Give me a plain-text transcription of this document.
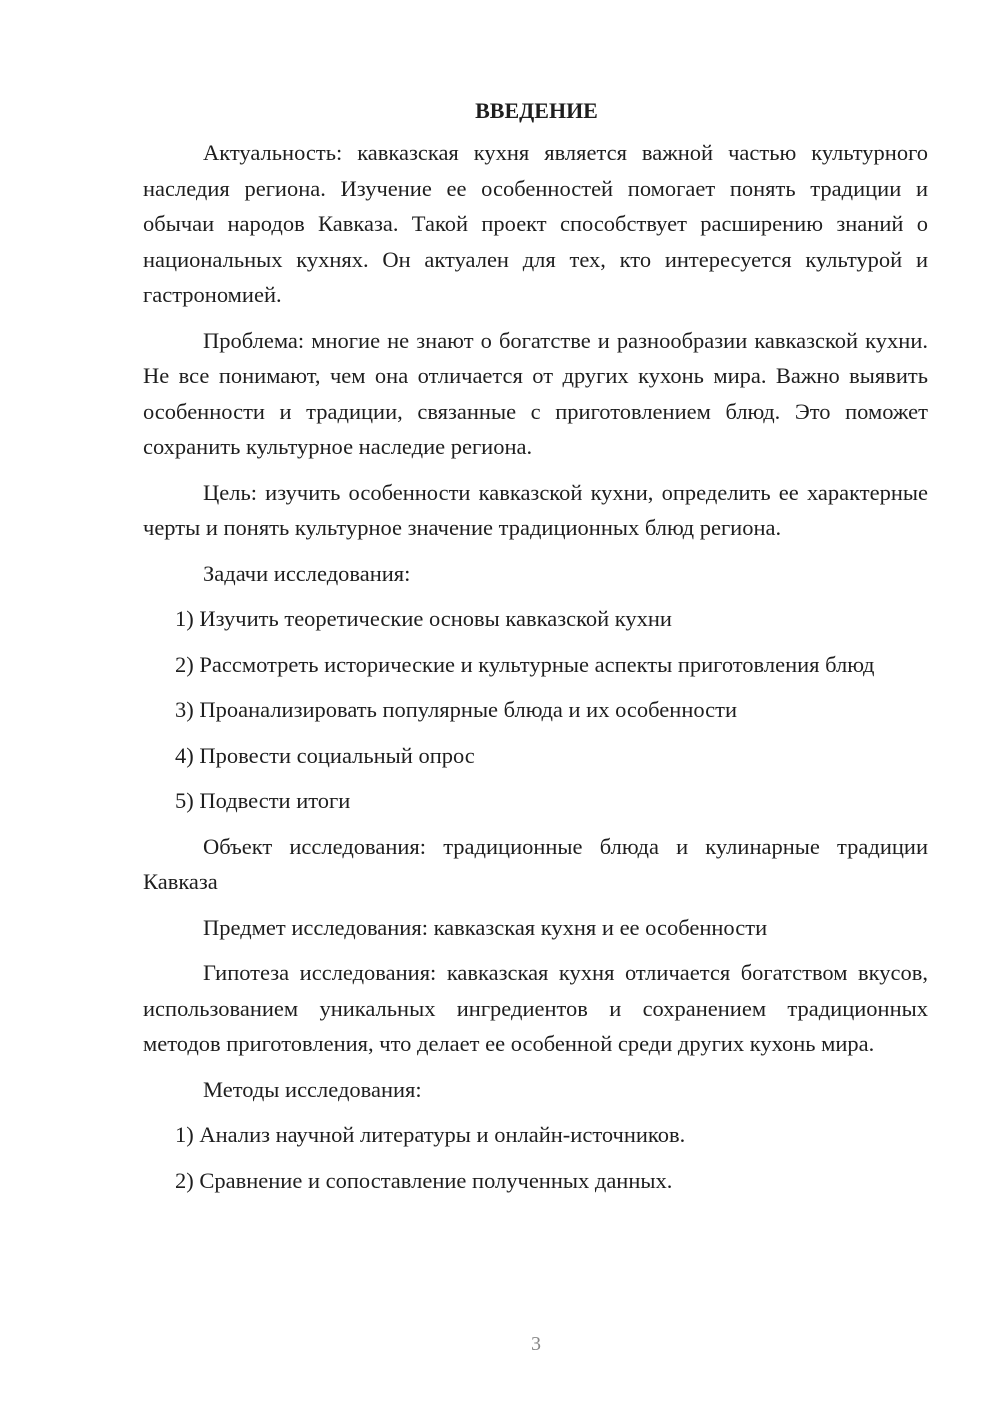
ВВЕДЕНИЕ

Актуальность: кавказская кухня является важной частью культурного наследия региона. Изучение ее особенностей помогает понять традиции и обычаи народов Кавказа. Такой проект способствует расширению знаний о национальных кухнях. Он актуален для тех, кто интересуется культурой и гастрономией.

Проблема: многие не знают о богатстве и разнообразии кавказской кухни. Не все понимают, чем она отличается от других кухонь мира. Важно выявить особенности и традиции, связанные с приготовлением блюд. Это поможет сохранить культурное наследие региона.

Цель: изучить особенности кавказской кухни, определить ее характерные черты и понять культурное значение традиционных блюд региона.

Задачи исследования:

1) Изучить теоретические основы кавказской кухни

2) Рассмотреть исторические и культурные аспекты приготовления блюд

3) Проанализировать популярные блюда и их особенности

4) Провести социальный опрос

5) Подвести итоги

Объект исследования: традиционные блюда и кулинарные традиции Кавказа

Предмет исследования: кавказская кухня и ее особенности

Гипотеза исследования: кавказская кухня отличается богатством вкусов, использованием уникальных ингредиентов и сохранением традиционных методов приготовления, что делает ее особенной среди других кухонь мира.

Методы исследования:

1) Анализ научной литературы и онлайн-источников.

2) Сравнение и сопоставление полученных данных.

3
